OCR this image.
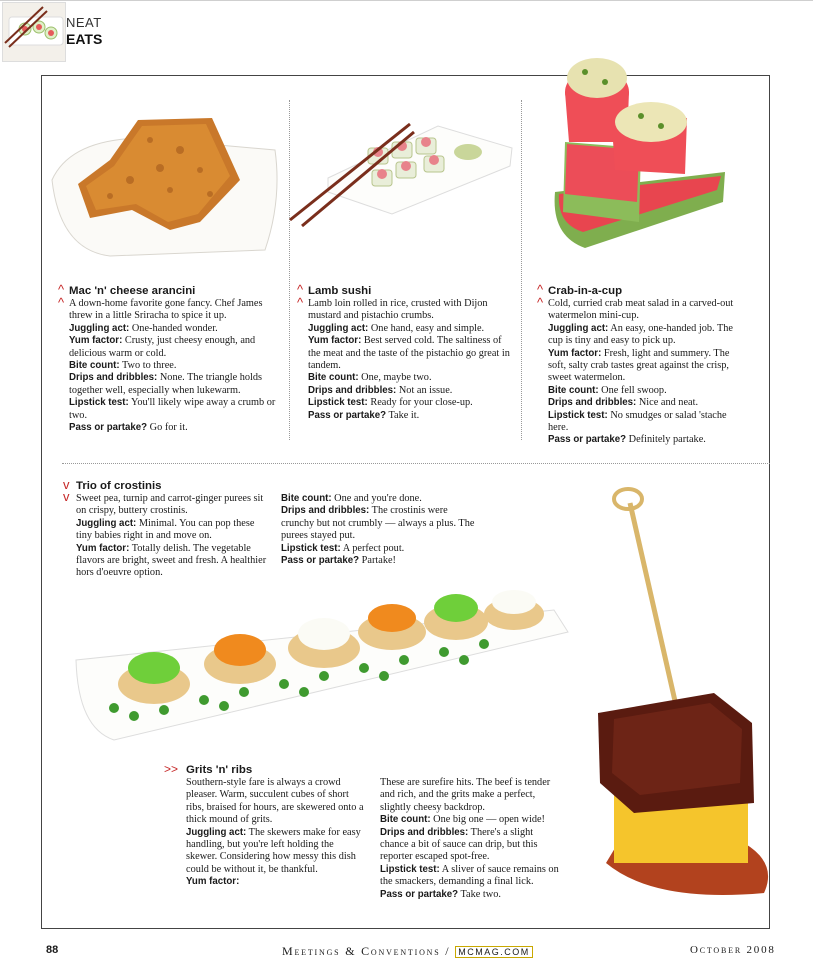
NEAT
EATS
^
^

Mac 'n' cheese arancini

A down-home favorite gone fancy. Chef James threw in a little Sriracha to spice it up.

Juggling act: One-handed wonder.

Yum factor: Crusty, just cheesy enough, and delicious warm or cold.

Bite count: Two to three.

Drips and dribbles: None. The triangle holds together well, especially when lukewarm.

Lipstick test: You'll likely wipe away a crumb or two.

Pass or partake? Go for it.

^
^

Lamb sushi

Lamb loin rolled in rice, crusted with Dijon mustard and pistachio crumbs.

Juggling act: One hand, easy and simple.

Yum factor: Best served cold. The saltiness of the meat and the taste of the pistachio go great in tandem.

Bite count: One, maybe two.

Drips and dribbles: Not an issue.

Lipstick test: Ready for your close-up.

Pass or partake? Take it.

^
^

Crab-in-a-cup

Cold, curried crab meat salad in a carved-out watermelon mini-cup.

Juggling act: An easy, one-handed job. The cup is tiny and easy to pick up.

Yum factor: Fresh, light and summery. The soft, salty crab tastes great against the crisp, sweet watermelon.

Bite count: One fell swoop.

Drips and dribbles: Nice and neat.

Lipstick test: No smudges or salad 'stache here.

Pass or partake? Definitely partake.

v
v

Trio of crostinis

Sweet pea, turnip and carrot-ginger purees sit on crispy, buttery crostinis.

Juggling act: Minimal. You can pop these tiny babies right in and move on.

Yum factor: Totally delish. The vegetable flavors are bright, sweet and fresh. A healthier hors d'oeuvre option.

Bite count: One and you're done.

Drips and dribbles: The crostinis were crunchy but not crumbly — always a plus. The purees stayed put.

Lipstick test: A perfect pout.

Pass or partake? Partake!

>> Grits 'n' ribs

Southern-style fare is always a crowd pleaser. Warm, succulent cubes of short ribs, braised for hours, are skewered onto a thick mound of grits.

Juggling act: The skewers make for easy handling, but you're left holding the skewer. Considering how messy this dish could be without it, be thankful.

Yum factor:

These are surefire hits. The beef is tender and rich, and the grits make a perfect, slightly cheesy backdrop.

Bite count: One big one — open wide!

Drips and dribbles: There's a slight chance a bit of sauce can drip, but this reporter escaped spot-free.

Lipstick test: A sliver of sauce remains on the smackers, demanding a final lick.

Pass or partake? Take two.

88	Meetings & Conventions / MCMAG.COM	October 2008
